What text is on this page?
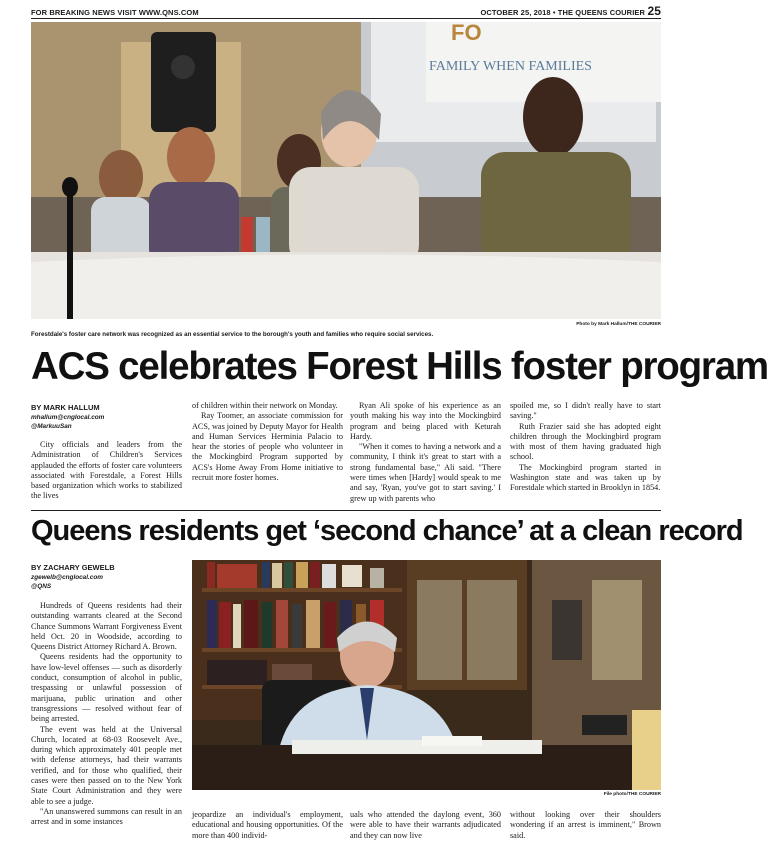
FOR BREAKING NEWS VISIT WWW.QNS.COM	OCTOBER 25, 2018 • THE QUEENS COURIER 25
FO
FAMILY WHEN FAMILIES
Photo by Mark Hallum/THE COURIER
Forestdale's foster care network was recognized as an essential service to the borough's youth and families who require social services.
ACS celebrates Forest Hills foster program
BY MARK HALLUM
mhallum@cnglocal.com
@MarkuuSan

City officials and leaders from the Administration of Children's Services applauded the efforts of foster care volunteers associated with Forestdale, a Forest Hills based organization which works to stabilized the lives

of children within their network on Monday.

Ray Toomer, an associate commission for ACS, was joined by Deputy Mayor for Health and Human Services Herminia Palacio to hear the stories of people who volunteer in the Mockingbird Program supported by ACS's Home Away From Home initiative to recruit more foster homes.

Ryan Ali spoke of his experience as an youth making his way into the Mockingbird program and being placed with Keturah Hardy.

"When it comes to having a network and a community, I think it's great to start with a strong fundamental base," Ali said. "There were times when [Hardy] would speak to me and say, 'Ryan, you've got to start saving.' I grew up with parents who

spoiled me, so I didn't really have to start saving."

Ruth Frazier said she has adopted eight children through the Mockingbird program with most of them having graduated high school.

The Mockingbird program started in Washington state and was taken up by Forestdale which started in Brooklyn in 1854.

Queens residents get ‘second chance’ at a clean record
BY ZACHARY GEWELB
zgewelb@cnglocal.com
@QNS

Hundreds of Queens residents had their outstanding warrants cleared at the Second Chance Summons Warrant Forgiveness Event held Oct. 20 in Woodside, according to Queens District Attorney Richard A. Brown.

Queens residents had the opportunity to have low-level offenses — such as disorderly conduct, consumption of alcohol in public, trespassing or unlawful possession of marijuana, public urination and other transgressions — resolved without fear of being arrested.

The event was held at the Universal Church, located at 68-03 Roosevelt Ave., during which approximately 401 people met with defense attorneys, had their warrants verified, and for those who qualified, their cases were then passed on to the New York State Court Administration and they were able to see a judge.

"An unanswered summons can result in an arrest and in some instances

File photo/THE COURIER

jeopardize an individual's employment, educational and housing opportunities. Of the more than 400 individ-

uals who attended the daylong event, 360 were able to have their warrants adjudicated and they can now live

without looking over their shoulders wondering if an arrest is imminent," Brown said.
